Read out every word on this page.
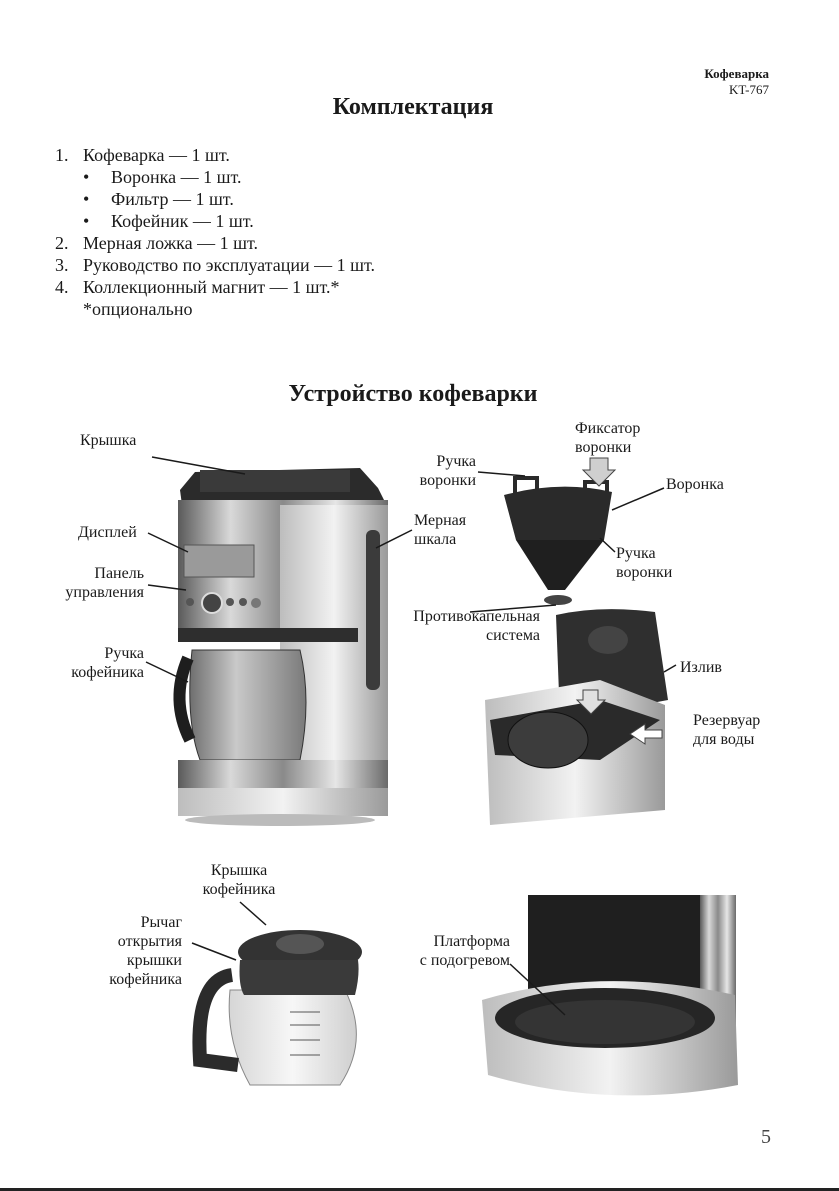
Кофеварка
KT-767
Комплектация
1. Кофеварка — 1 шт.
•	Воронка — 1 шт.
•	Фильтр — 1 шт.
•	Кофейник — 1 шт.
2. Мерная ложка — 1 шт.
3. Руководство по эксплуатации — 1 шт.
4. Коллекционный магнит — 1 шт.*
*опционально
Устройство кофеварки
Крышка
Дисплей
Панель
управления
Ручка
кофейника
Мерная
шкала
Ручка
воронки
Фиксатор
воронки
Воронка
Ручка
воронки
Противокапельная
система
Излив
Резервуар
для воды
Крышка
кофейника
Рычаг
открытия
крышки
кофейника
Платформа
с подогревом
5
